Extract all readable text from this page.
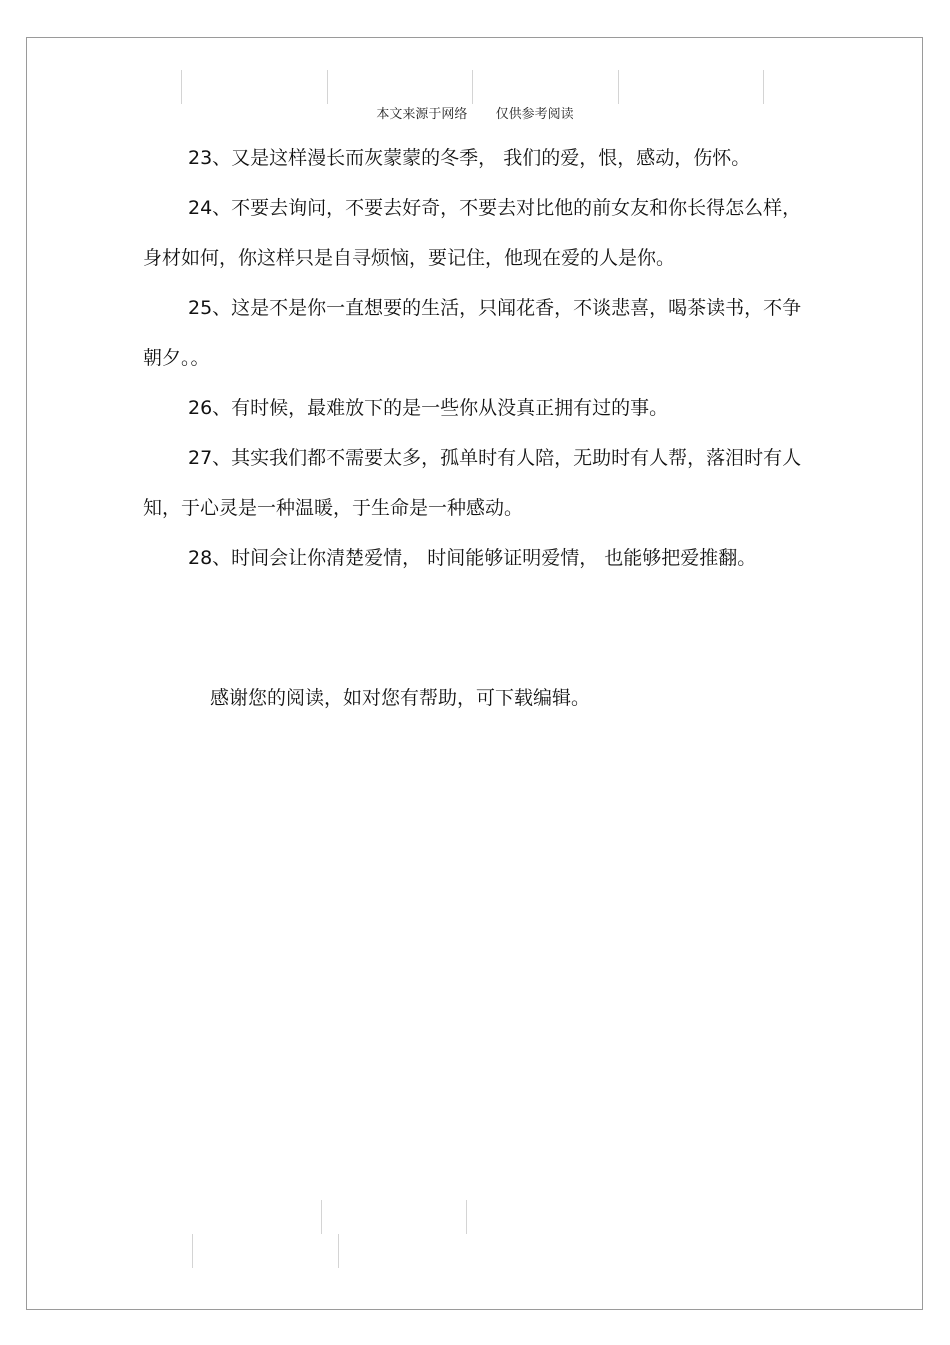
本文来源于网络 仅供参考阅读

23、又是这样漫长而灰蒙蒙的冬季， 我们的爱，恨，感动，伤怀。

24、不要去询问，不要去好奇，不要去对比他的前女友和你长得怎么样，身材如何，你这样只是自寻烦恼，要记住，他现在爱的人是你。

25、这是不是你一直想要的生活，只闻花香，不谈悲喜，喝茶读书，不争朝夕。。

26、有时候，最难放下的是一些你从没真正拥有过的事。

27、其实我们都不需要太多，孤单时有人陪，无助时有人帮，落泪时有人知，于心灵是一种温暖，于生命是一种感动。

28、时间会让你清楚爱情， 时间能够证明爱情， 也能够把爱推翻。

感谢您的阅读，如对您有帮助，可下载编辑。
